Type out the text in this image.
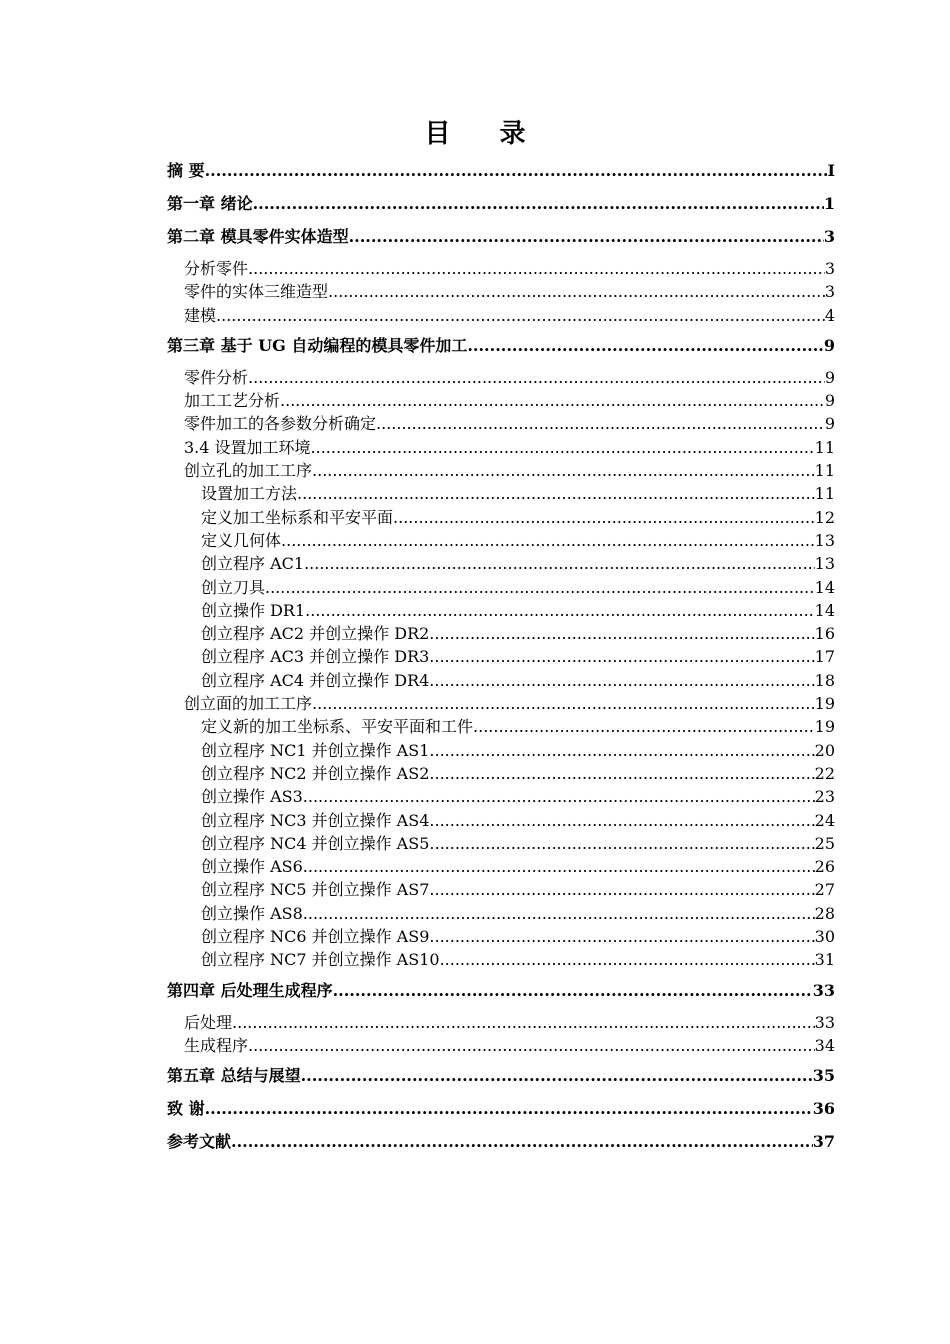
目 录
摘 要 .....	I
第一章 绪论 .....	1
第二章 模具零件实体造型 .....	3
分析零件 .....	3
零件的实体三维造型 .....	3
建模 .....	4
第三章 基于 UG 自动编程的模具零件加工 .....	9
零件分析 .....	9
加工工艺分析 .....	9
零件加工的各参数分析确定 .....	9
3.4 设置加工环境 .....	11
创立孔的加工工序 .....	11
设置加工方法 .....	11
定义加工坐标系和平安平面 .....	12
定义几何体 .....	13
创立程序 AC1 .....	13
创立刀具 .....	14
创立操作 DR1 .....	14
创立程序 AC2 并创立操作 DR2 .....	16
创立程序 AC3 并创立操作 DR3 .....	17
创立程序 AC4 并创立操作 DR4 .....	18
创立面的加工工序 .....	19
定义新的加工坐标系、平安平面和工件 .....	19
创立程序 NC1 并创立操作 AS1 .....	20
创立程序 NC2 并创立操作 AS2 .....	22
创立操作 AS3 .....	23
创立程序 NC3 并创立操作 AS4 .....	24
创立程序 NC4 并创立操作 AS5 .....	25
创立操作 AS6 .....	26
创立程序 NC5 并创立操作 AS7 .....	27
创立操作 AS8 .....	28
创立程序 NC6 并创立操作 AS9 .....	30
创立程序 NC7 并创立操作 AS10 .....	31
第四章 后处理生成程序 .....	33
后处理 .....	33
生成程序 .....	34
第五章 总结与展望 .....	35
致 谢 .....	36
参考文献 .....	37
